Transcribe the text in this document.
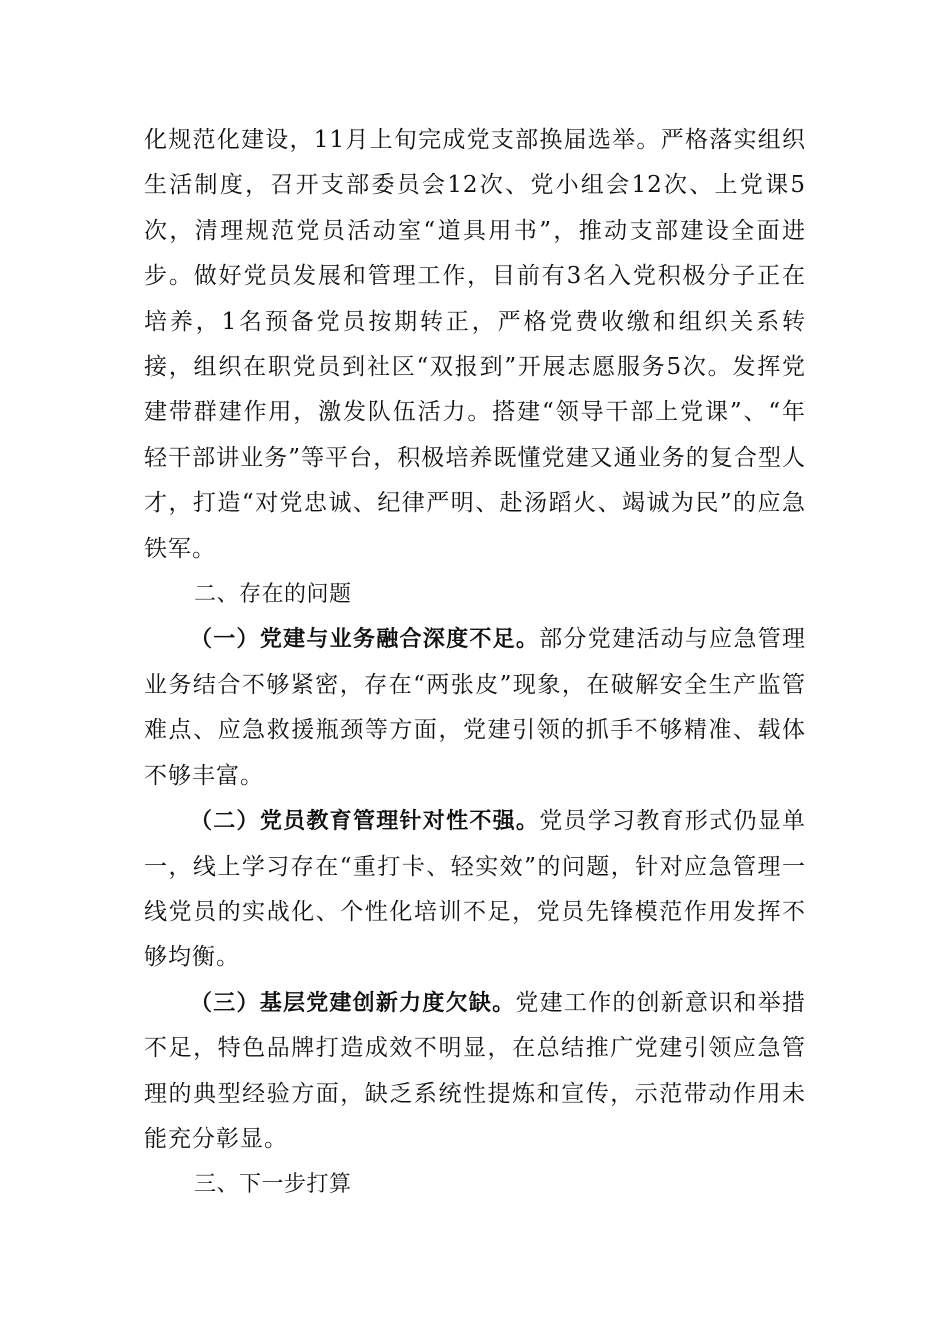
化规范化建设，11月上旬完成党支部换届选举。严格落实组织生活制度，召开支部委员会12次、党小组会12次、上党课5次，清理规范党员活动室“道具用书”，推动支部建设全面进步。做好党员发展和管理工作，目前有3名入党积极分子正在培养，1名预备党员按期转正，严格党费收缴和组织关系转接，组织在职党员到社区“双报到”开展志愿服务5次。发挥党建带群建作用，激发队伍活力。搭建“领导干部上党课”、“年轻干部讲业务”等平台，积极培养既懂党建又通业务的复合型人才，打造“对党忠诚、纪律严明、赴汤蹈火、竭诚为民”的应急铁军。

二、存在的问题

（一）党建与业务融合深度不足。部分党建活动与应急管理业务结合不够紧密，存在“两张皮”现象，在破解安全生产监管难点、应急救援瓶颈等方面，党建引领的抓手不够精准、载体不够丰富。

（二）党员教育管理针对性不强。党员学习教育形式仍显单一，线上学习存在“重打卡、轻实效”的问题，针对应急管理一线党员的实战化、个性化培训不足，党员先锋模范作用发挥不够均衡。

（三）基层党建创新力度欠缺。党建工作的创新意识和举措不足，特色品牌打造成效不明显，在总结推广党建引领应急管理的典型经验方面，缺乏系统性提炼和宣传，示范带动作用未能充分彰显。

三、下一步打算
